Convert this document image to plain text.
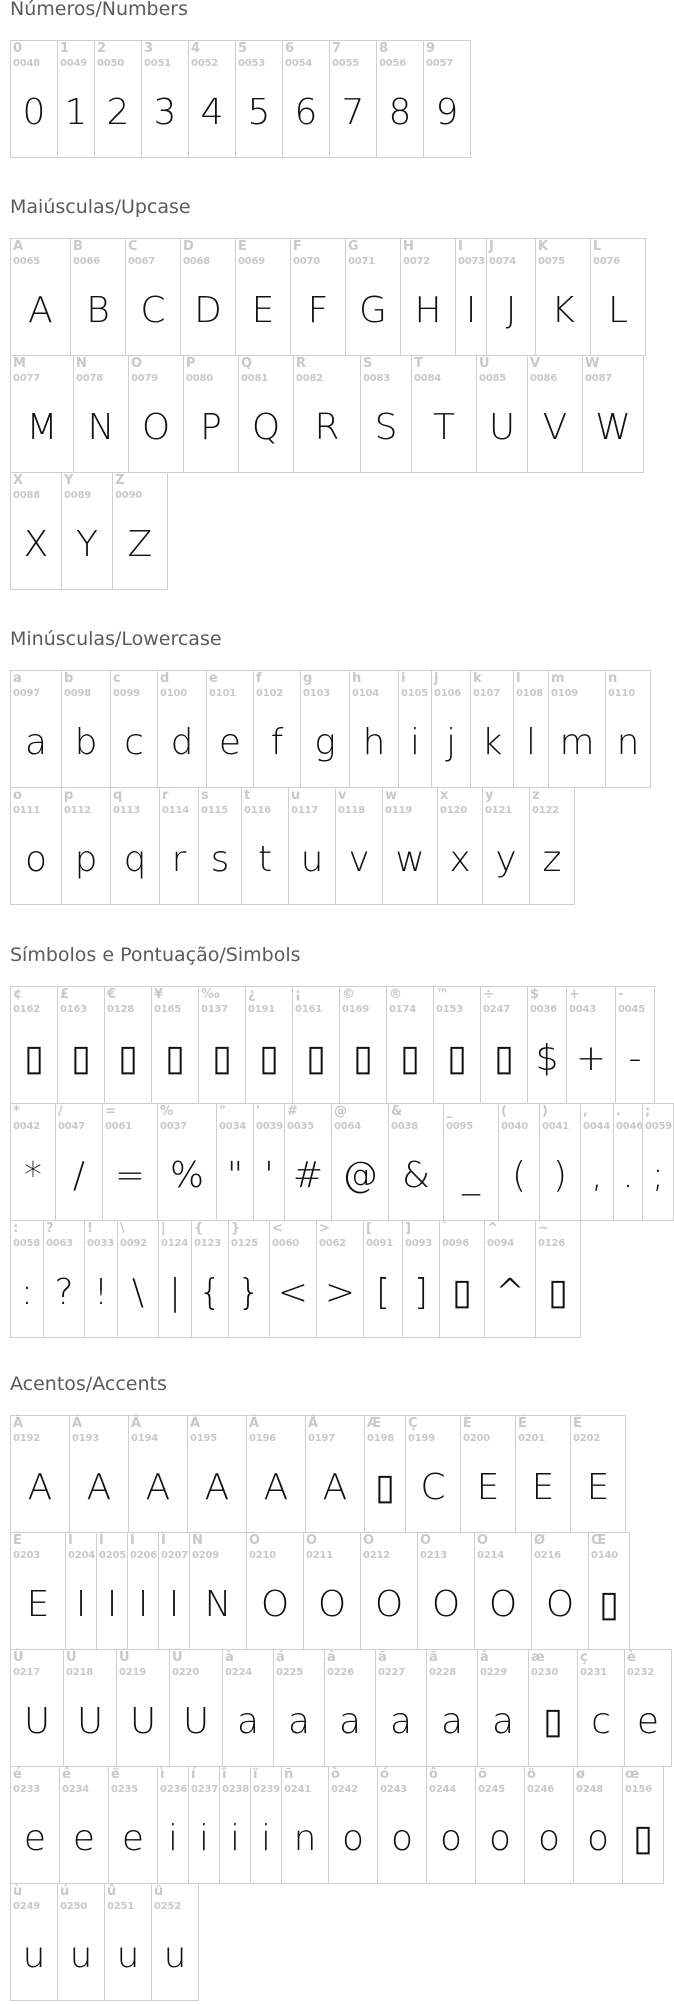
Números/Numbers
0
0048
0
1
0049
1
2
0050
2
3
0051
3
4
0052
4
5
0053
5
6
0054
6
7
0055
7
8
0056
8
9
0057
9
Maiúsculas/Upcase
A
0065
A
B
0066
B
C
0067
C
D
0068
D
E
0069
E
F
0070
F
G
0071
G
H
0072
H
I
0073
I
J
0074
J
K
0075
K
L
0076
L
M
0077
M
N
0078
N
O
0079
O
P
0080
P
Q
0081
Q
R
0082
R
S
0083
S
T
0084
T
U
0085
U
V
0086
V
W
0087
W
X
0088
X
Y
0089
Y
Z
0090
Z
Minúsculas/Lowercase
a
0097
a
b
0098
b
c
0099
c
d
0100
d
e
0101
e
f
0102
f
g
0103
g
h
0104
h
i
0105
i
j
0106
j
k
0107
k
l
0108
l
m
0109
m
n
0110
n
o
0111
o
p
0112
p
q
0113
q
r
0114
r
s
0115
s
t
0116
t
u
0117
u
v
0118
v
w
0119
w
x
0120
x
y
0121
y
z
0122
z
Símbolos e Pontuação/Simbols
¢
0162
▯
£
0163
▯
€
0128
▯
¥
0165
▯
‰
0137
▯
¿
0191
▯
¡
0161
▯
©
0169
▯
®
0174
▯
™
0153
▯
÷
0247
▯
$
0036
$
+
0043
+
-
0045
-
*
0042
*
/
0047
/
=
0061
=
%
0037
%
"
0034
"
'
0039
'
#
0035
#
@
0064
@
&
0038
&
_
0095
_
(
0040
(
)
0041
)
,
0044
,
.
0046
.
;
0059
;
:
0058
:
?
0063
?
!
0033
!
\
0092
\
|
0124
|
{
0123
{
}
0125
}
<
0060
<
>
0062
>
[
0091
[
]
0093
]
`
0096
▯
^
0094
^
~
0126
▯
Acentos/Accents
À
0192
A
Á
0193
A
Â
0194
A
Ã
0195
A
Ä
0196
A
Å
0197
A
Æ
0198
▯
Ç
0199
C
È
0200
E
É
0201
E
Ê
0202
E
Ë
0203
E
Ì
0204
I
Í
0205
I
Î
0206
I
Ï
0207
I
Ñ
0209
N
Ò
0210
O
Ó
0211
O
Ô
0212
O
Õ
0213
O
Ö
0214
O
Ø
0216
O
Œ
0140
▯
Ù
0217
U
Ú
0218
U
Û
0219
U
Ü
0220
U
à
0224
a
á
0225
a
â
0226
a
ã
0227
a
ä
0228
a
å
0229
a
æ
0230
▯
ç
0231
c
è
0232
e
é
0233
e
ê
0234
e
ë
0235
e
ì
0236
i
í
0237
i
î
0238
i
ï
0239
i
ñ
0241
n
ò
0242
o
ó
0243
o
ô
0244
o
õ
0245
o
ö
0246
o
ø
0248
o
œ
0156
▯
ù
0249
u
ú
0250
u
û
0251
u
ü
0252
u
